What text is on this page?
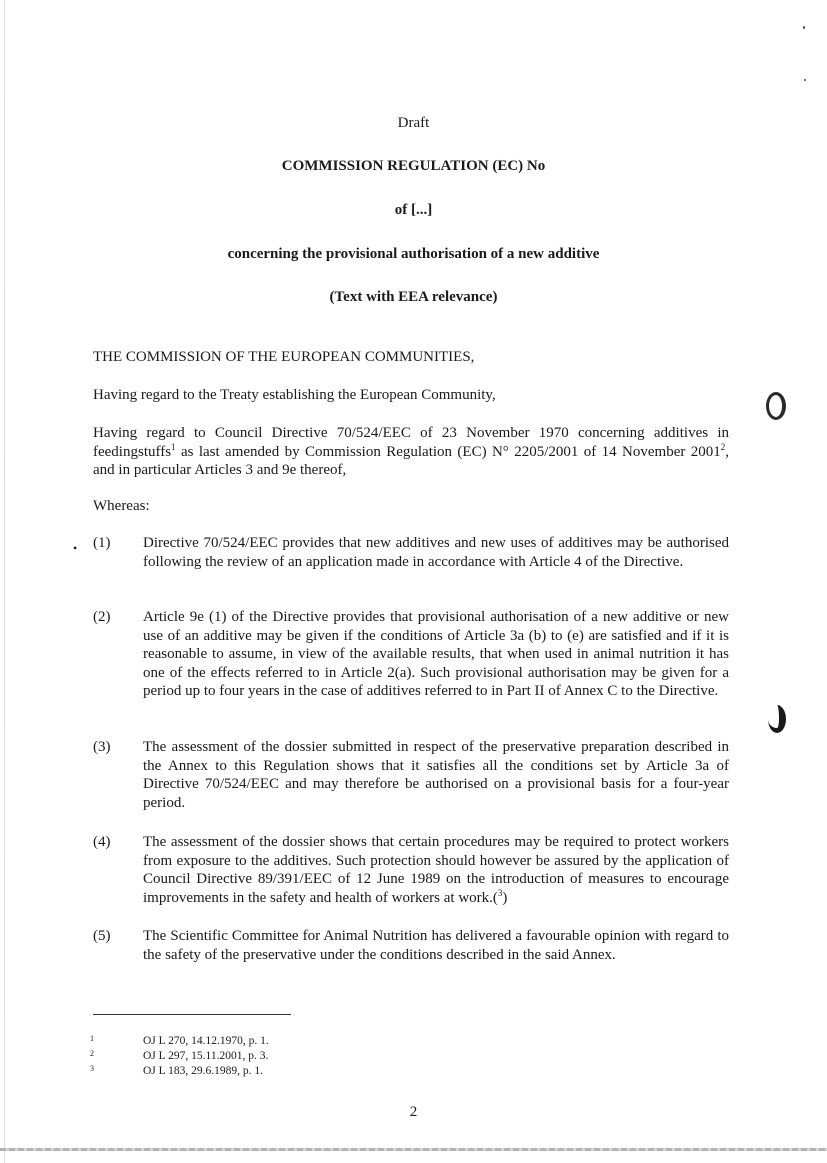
Draft
COMMISSION REGULATION (EC) No
of [...]
concerning the provisional authorisation of a new additive
(Text with EEA relevance)
THE COMMISSION OF THE EUROPEAN COMMUNITIES,
Having regard to the Treaty establishing the European Community,
Having regard to Council Directive 70/524/EEC of 23 November 1970 concerning additives in feedingstuffs$^1$ as last amended by Commission Regulation (EC) N° 2205/2001 of 14 November 2001$^2$, and in particular Articles 3 and 9e thereof,
Whereas:
• (1) Directive 70/524/EEC provides that new additives and new uses of additives may be authorised following the review of an application made in accordance with Article 4 of the Directive.
(2) Article 9e (1) of the Directive provides that provisional authorisation of a new additive or new use of an additive may be given if the conditions of Article 3a (b) to (e) are satisfied and if it is reasonable to assume, in view of the available results, that when used in animal nutrition it has one of the effects referred to in Article 2(a). Such provisional authorisation may be given for a period up to four years in the case of additives referred to in Part II of Annex C to the Directive.
(3) The assessment of the dossier submitted in respect of the preservative preparation described in the Annex to this Regulation shows that it satisfies all the conditions set by Article 3a of Directive 70/524/EEC and may therefore be authorised on a provisional basis for a four-year period.
(4) The assessment of the dossier shows that certain procedures may be required to protect workers from exposure to the additives. Such protection should however be assured by the application of Council Directive 89/391/EEC of 12 June 1989 on the introduction of measures to encourage improvements in the safety and health of workers at work.($^3$)
(5) The Scientific Committee for Animal Nutrition has delivered a favourable opinion with regard to the safety of the preservative under the conditions described in the said Annex.
1	OJ L 270, 14.12.1970, p. 1.
2	OJ L 297, 15.11.2001, p. 3.
3	OJ L 183, 29.6.1989, p. 1.
2
